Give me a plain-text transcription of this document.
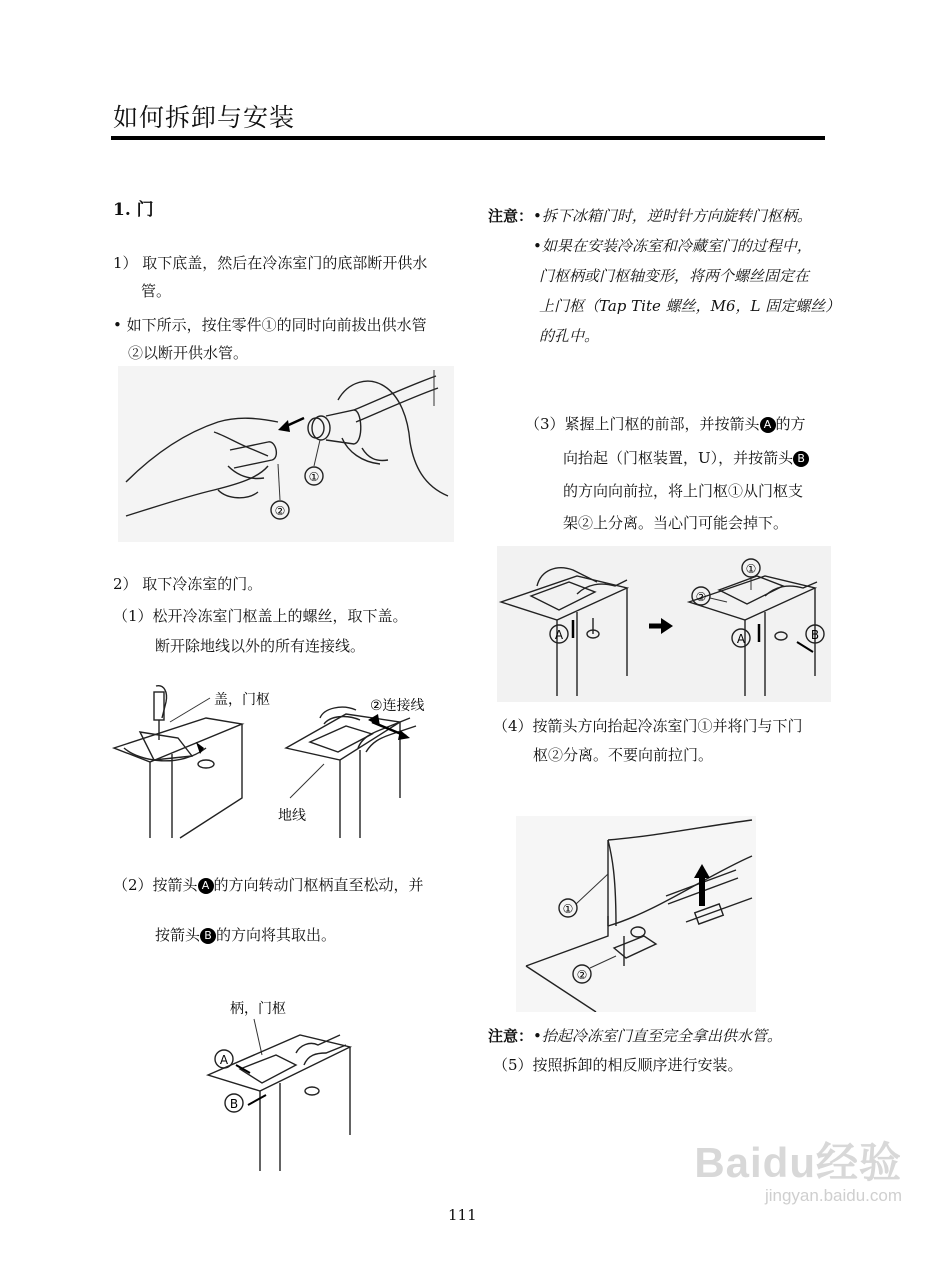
如何拆卸与安装
1. 门
1） 取下底盖，然后在冷冻室门的底部断开供水
管。
• 如下所示，按住零件①的同时向前拔出供水管
②以断开供水管。
①
②
2） 取下冷冻室的门。
（1）松开冷冻室门枢盖上的螺丝，取下盖。
断开除地线以外的所有连接线。
盖，门枢	②连接线
地线
（2）按箭头 A 的方向转动门枢柄直至松动，并
按箭头 B 的方向将其取出。
柄，门枢
A
B
注意：•拆下冰箱门时，逆时针方向旋转门枢柄。
•如果在安装冷冻室和冷藏室门的过程中，
门枢柄或门枢轴变形，将两个螺丝固定在
上门枢（Tap Tite 螺丝，M6，L 固定螺丝）
的孔中。
（3）紧握上门枢的前部，并按箭头 A 的方
向抬起（门枢装置，U），并按箭头 B
的方向向前拉，将上门枢①从门枢支
架②上分离。当心门可能会掉下。
A
①
②
A	B
（4）按箭头方向抬起冷冻室门①并将门与下门
枢②分离。不要向前拉门。
①
②
注意：•抬起冷冻室门直至完全拿出供水管。
（5）按照拆卸的相反顺序进行安装。
111
Baidu经验
jingyan.baidu.com
